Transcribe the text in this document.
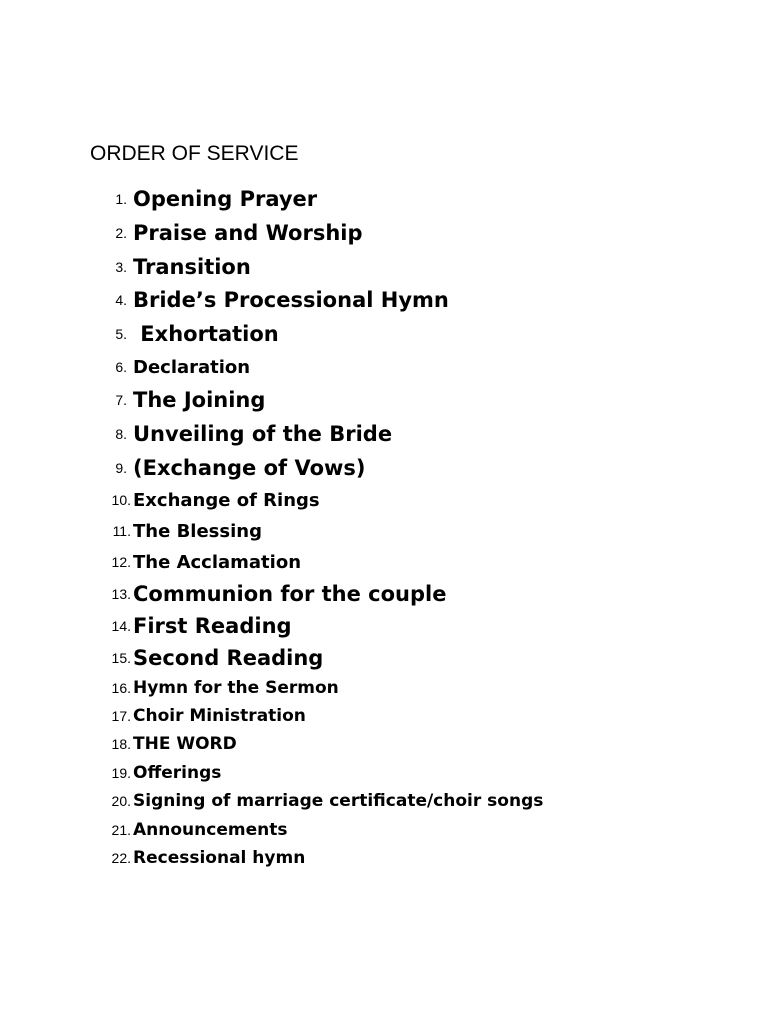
ORDER OF SERVICE
1. Opening Prayer
2. Praise and Worship
3. Transition
4. Bride’s Processional Hymn
5. Exhortation
6. Declaration
7. The Joining
8. Unveiling of the Bride
9. (Exchange of Vows)
10. Exchange of Rings
11. The Blessing
12. The Acclamation
13. Communion for the couple
14. First Reading
15. Second Reading
16. Hymn for the Sermon
17. Choir Ministration
18. THE WORD
19. Offerings
20. Signing of marriage certificate/choir songs
21. Announcements
22. Recessional hymn
